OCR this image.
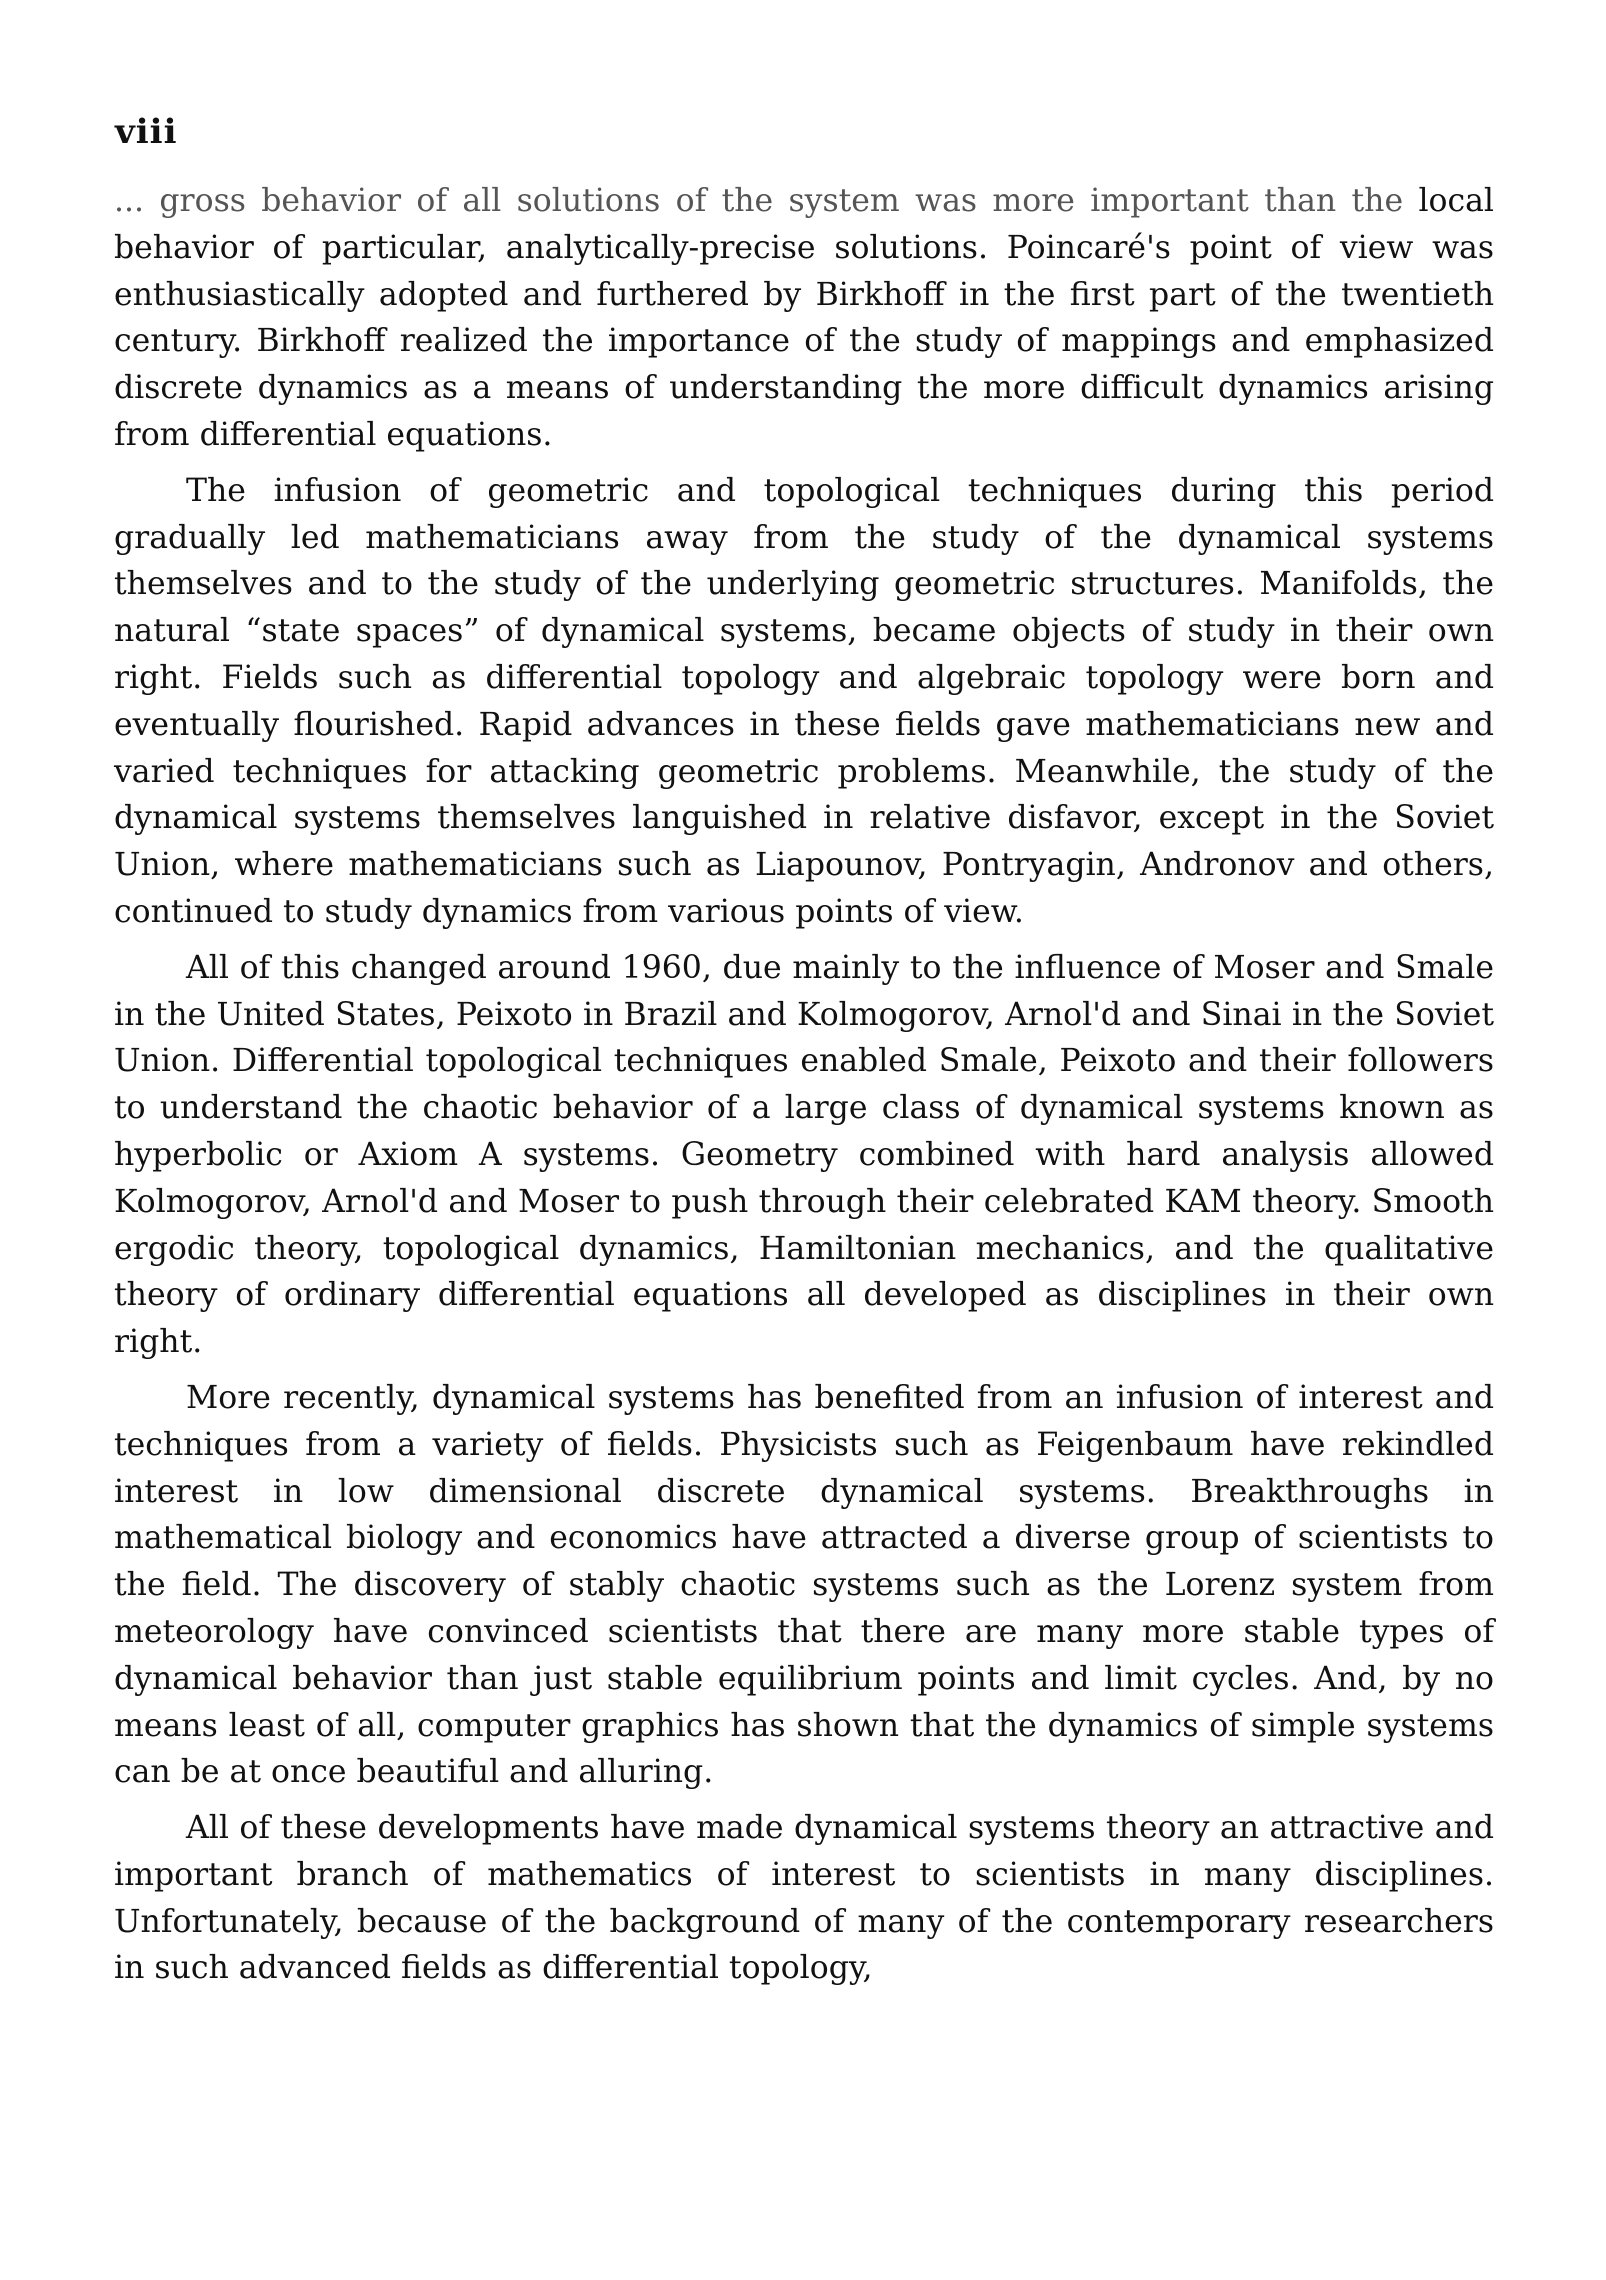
viii

... gross behavior of all solutions of the system was more important than the local behavior of particular, analytically-precise solutions. Poincaré's point of view was enthusiastically adopted and furthered by Birkhoff in the first part of the twentieth century. Birkhoff realized the importance of the study of mappings and emphasized discrete dynamics as a means of understanding the more difficult dynamics arising from differential equations.

The infusion of geometric and topological techniques during this period gradually led mathematicians away from the study of the dynamical systems themselves and to the study of the underlying geometric structures. Manifolds, the natural “state spaces” of dynamical systems, became objects of study in their own right. Fields such as differential topology and algebraic topology were born and eventually flourished. Rapid advances in these fields gave mathematicians new and varied techniques for attacking geometric problems. Meanwhile, the study of the dynamical systems themselves languished in relative disfavor, except in the Soviet Union, where mathematicians such as Liapounov, Pontryagin, Andronov and others, continued to study dynamics from various points of view.

All of this changed around 1960, due mainly to the influence of Moser and Smale in the United States, Peixoto in Brazil and Kolmogorov, Arnol'd and Sinai in the Soviet Union. Differential topological techniques enabled Smale, Peixoto and their followers to understand the chaotic behavior of a large class of dynamical systems known as hyperbolic or Axiom A systems. Geometry combined with hard analysis allowed Kolmogorov, Arnol'd and Moser to push through their celebrated KAM theory. Smooth ergodic theory, topological dynamics, Hamiltonian mechanics, and the qualitative theory of ordinary differential equations all developed as disciplines in their own right.

More recently, dynamical systems has benefited from an infusion of interest and techniques from a variety of fields. Physicists such as Feigenbaum have rekindled interest in low dimensional discrete dynamical systems. Breakthroughs in mathematical biology and economics have attracted a diverse group of scientists to the field. The discovery of stably chaotic systems such as the Lorenz system from meteorology have convinced scientists that there are many more stable types of dynamical behavior than just stable equilibrium points and limit cycles. And, by no means least of all, computer graphics has shown that the dynamics of simple systems can be at once beautiful and alluring.

All of these developments have made dynamical systems theory an attractive and important branch of mathematics of interest to scientists in many disciplines. Unfortunately, because of the background of many of the contemporary researchers in such advanced fields as differential topology,
